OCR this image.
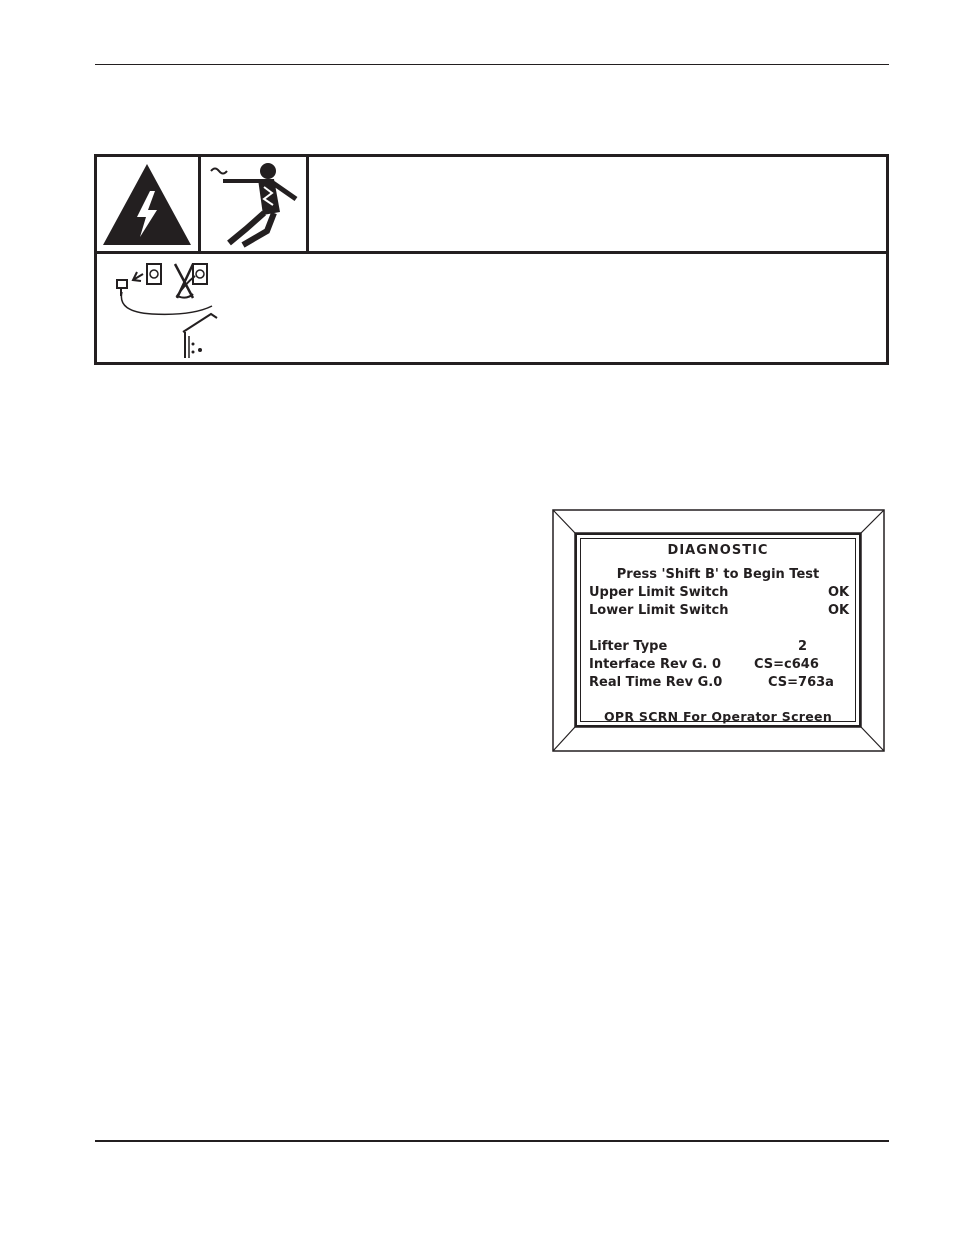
DIAGNOSTIC
Press 'Shift B' to Begin Test
Upper Limit Switch	OK
Lower Limit Switch	OK
Lifter Type	2
Interface Rev G. 0	CS=c646
Real Time Rev G.0	CS=763a
OPR SCRN For Operator Screen
